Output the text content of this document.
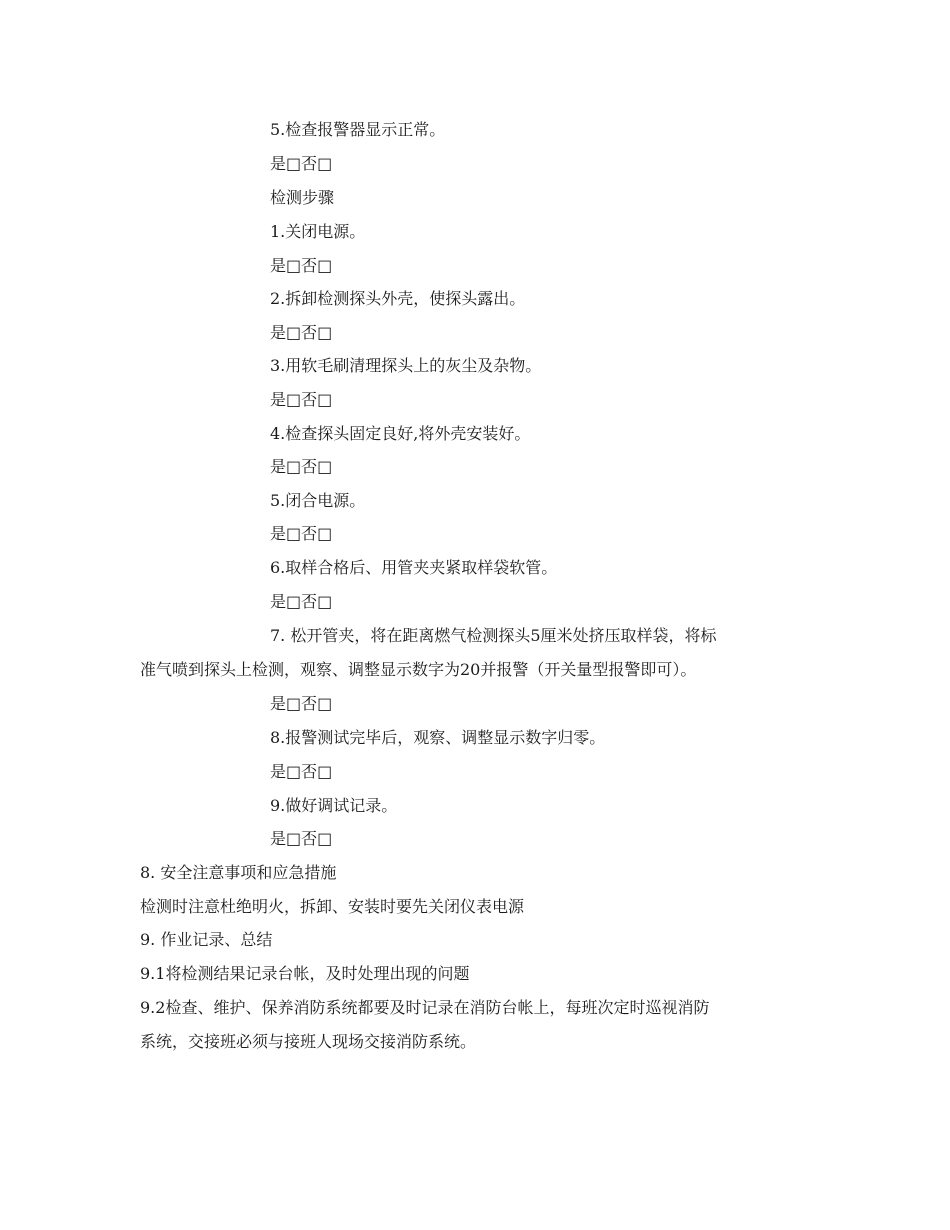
5.检查报警器显示正常。
是□否□
检测步骤
1.关闭电源。
是□否□
2.拆卸检测探头外壳，使探头露出。
是□否□
3.用软毛刷清理探头上的灰尘及杂物。
是□否□
4.检查探头固定良好,将外壳安装好。
是□否□
5.闭合电源。
是□否□
6.取样合格后、用管夹夹紧取样袋软管。
是□否□
7. 松开管夹，将在距离燃气检测探头5厘米处挤压取样袋，将标
准气喷到探头上检测，观察、调整显示数字为20并报警（开关量型报警即可）。
是□否□
8.报警测试完毕后，观察、调整显示数字归零。
是□否□
9.做好调试记录。
是□否□
8. 安全注意事项和应急措施
检测时注意杜绝明火，拆卸、安装时要先关闭仪表电源
9. 作业记录、总结
9.1将检测结果记录台帐，及时处理出现的问题
9.2检查、维护、保养消防系统都要及时记录在消防台帐上，每班次定时巡视消防
系统，交接班必须与接班人现场交接消防系统。
